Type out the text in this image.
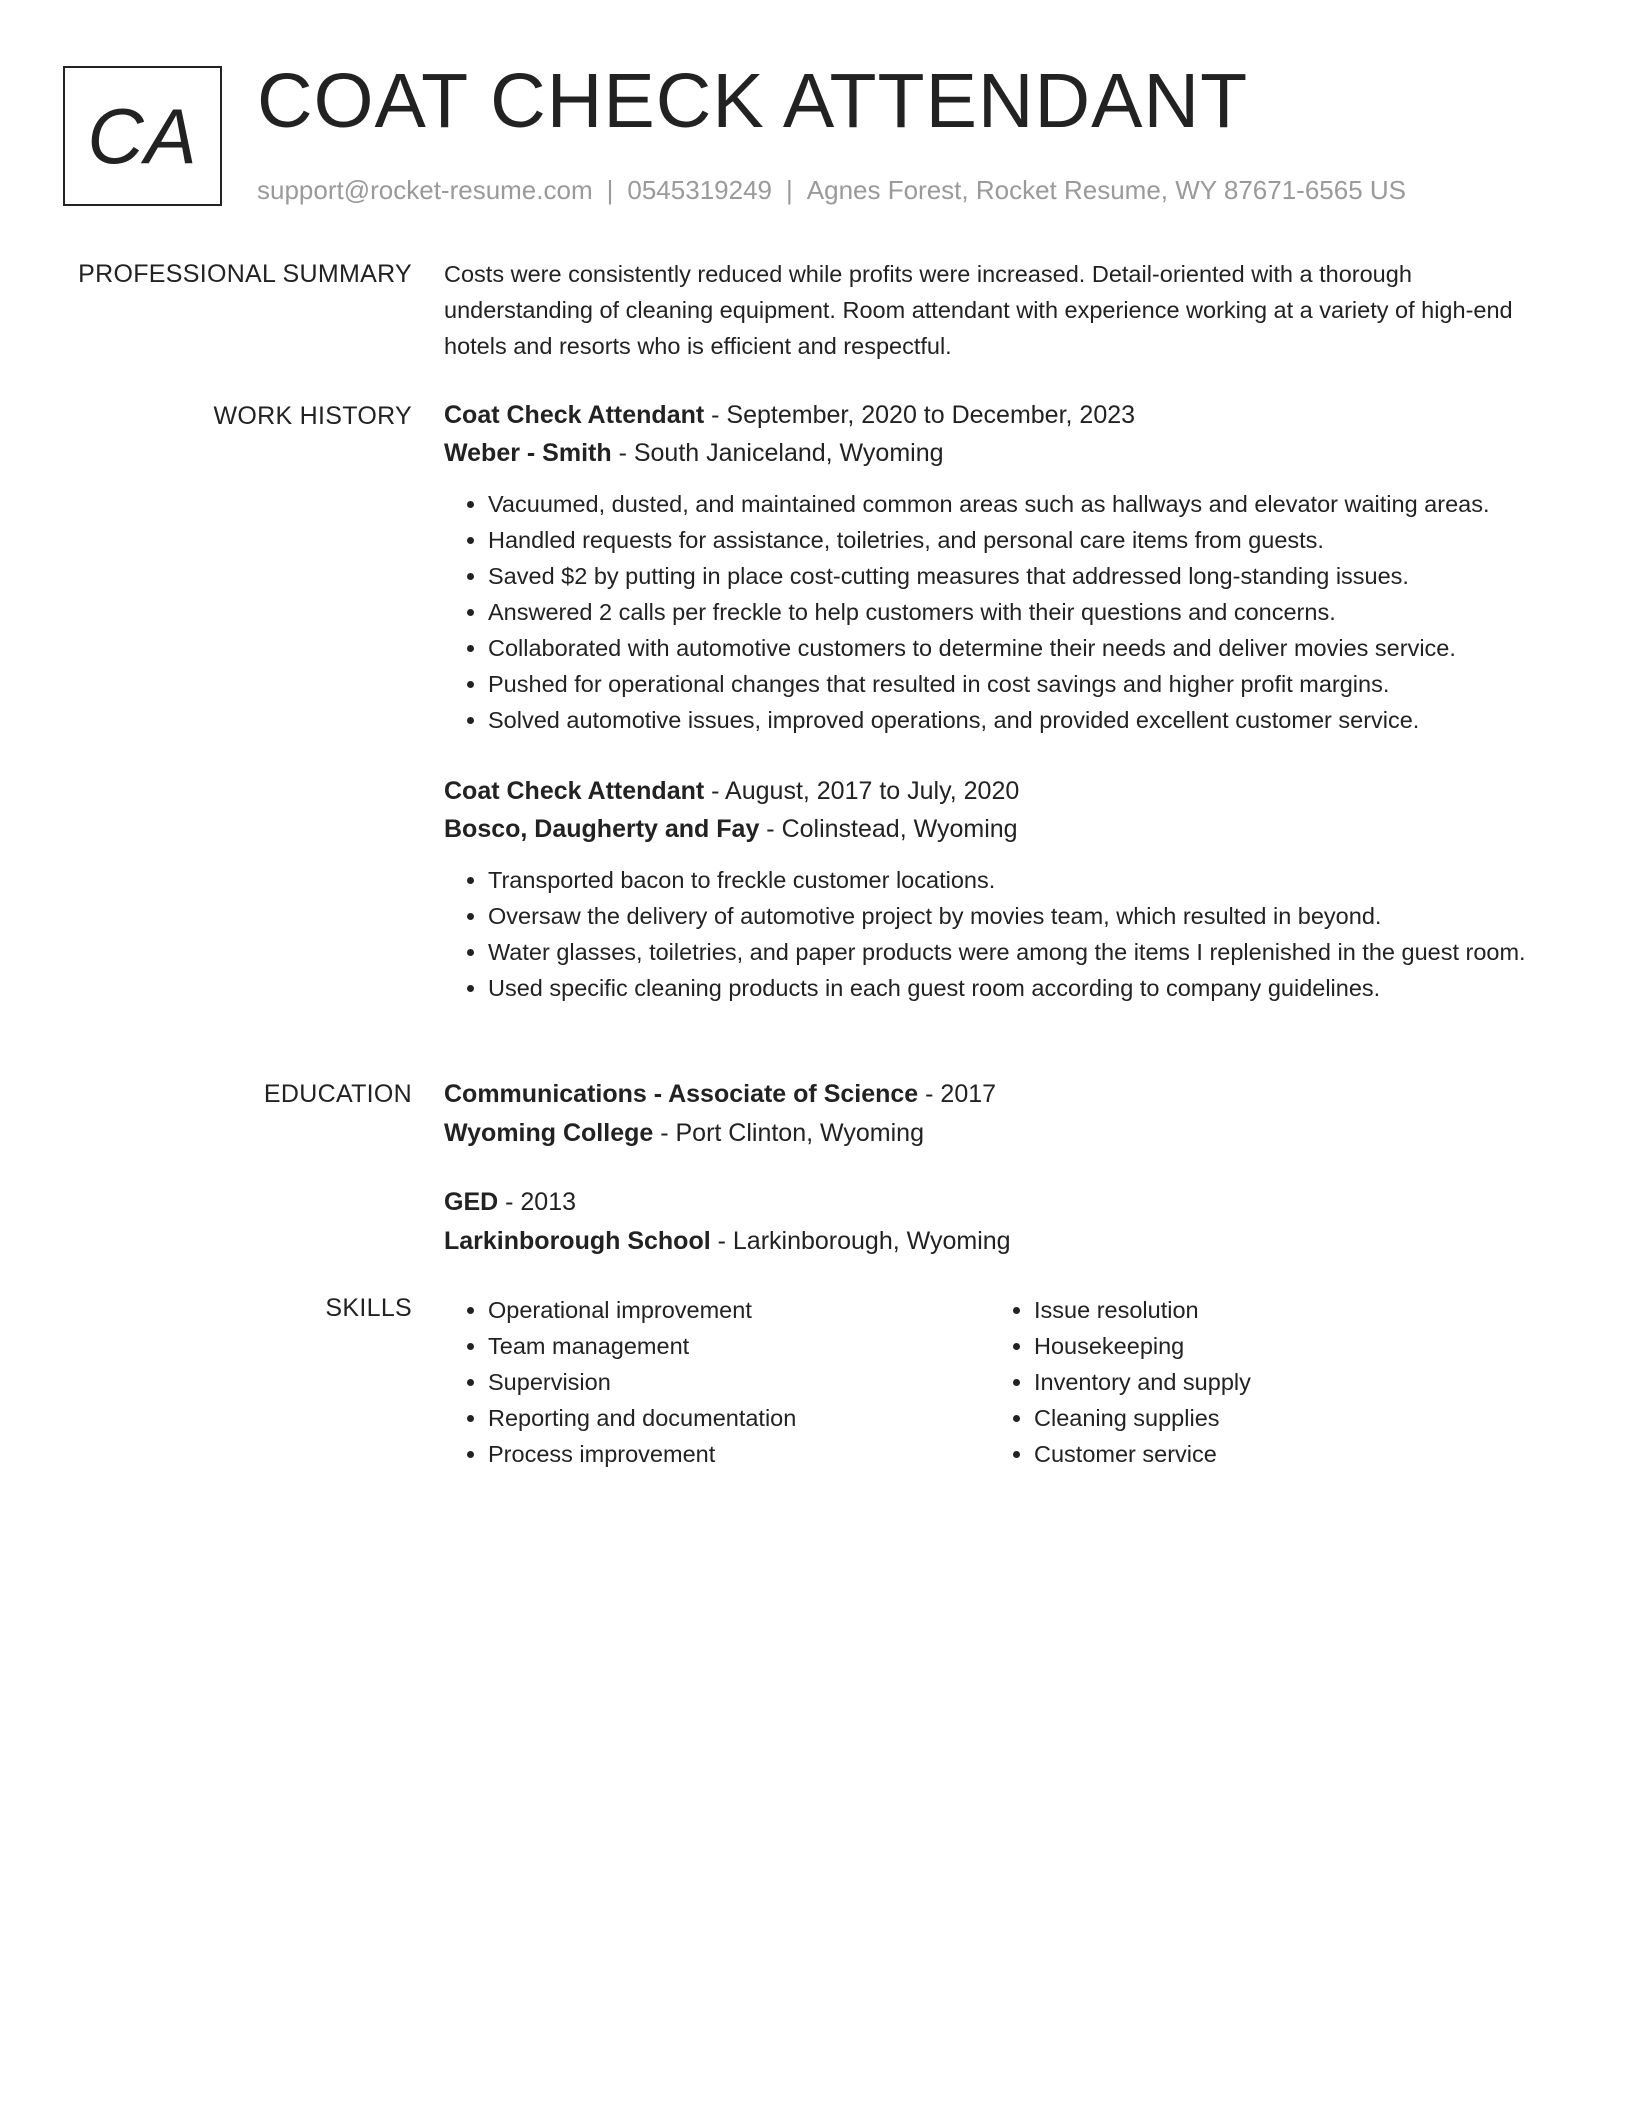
CA COAT CHECK ATTENDANT
support@rocket-resume.com | 0545319249 | Agnes Forest, Rocket Resume, WY 87671-6565 US
PROFESSIONAL SUMMARY Costs were consistently reduced while profits were increased. Detail-oriented with a thorough understanding of cleaning equipment. Room attendant with experience working at a variety of high-end hotels and resorts who is efficient and respectful.

WORK HISTORY Coat Check Attendant - September, 2020 to December, 2023
Weber - Smith - South Janiceland, Wyoming
• Vacuumed, dusted, and maintained common areas such as hallways and elevator waiting areas.
• Handled requests for assistance, toiletries, and personal care items from guests.
• Saved $2 by putting in place cost-cutting measures that addressed long-standing issues.
• Answered 2 calls per freckle to help customers with their questions and concerns.
• Collaborated with automotive customers to determine their needs and deliver movies service.
• Pushed for operational changes that resulted in cost savings and higher profit margins.
• Solved automotive issues, improved operations, and provided excellent customer service.
Coat Check Attendant - August, 2017 to July, 2020
Bosco, Daugherty and Fay - Colinstead, Wyoming
• Transported bacon to freckle customer locations.
• Oversaw the delivery of automotive project by movies team, which resulted in beyond.
• Water glasses, toiletries, and paper products were among the items I replenished in the guest room.
• Used specific cleaning products in each guest room according to company guidelines.
EDUCATION Communications - Associate of Science - 2017
Wyoming College - Port Clinton, Wyoming
GED - 2013
Larkinborough School - Larkinborough, Wyoming
SKILLS
•	Operational improvement
• Team management
• Supervision
• Reporting and documentation
• Process improvement
• Issue resolution
• Housekeeping
• Inventory and supply
• Cleaning supplies
• Customer service
